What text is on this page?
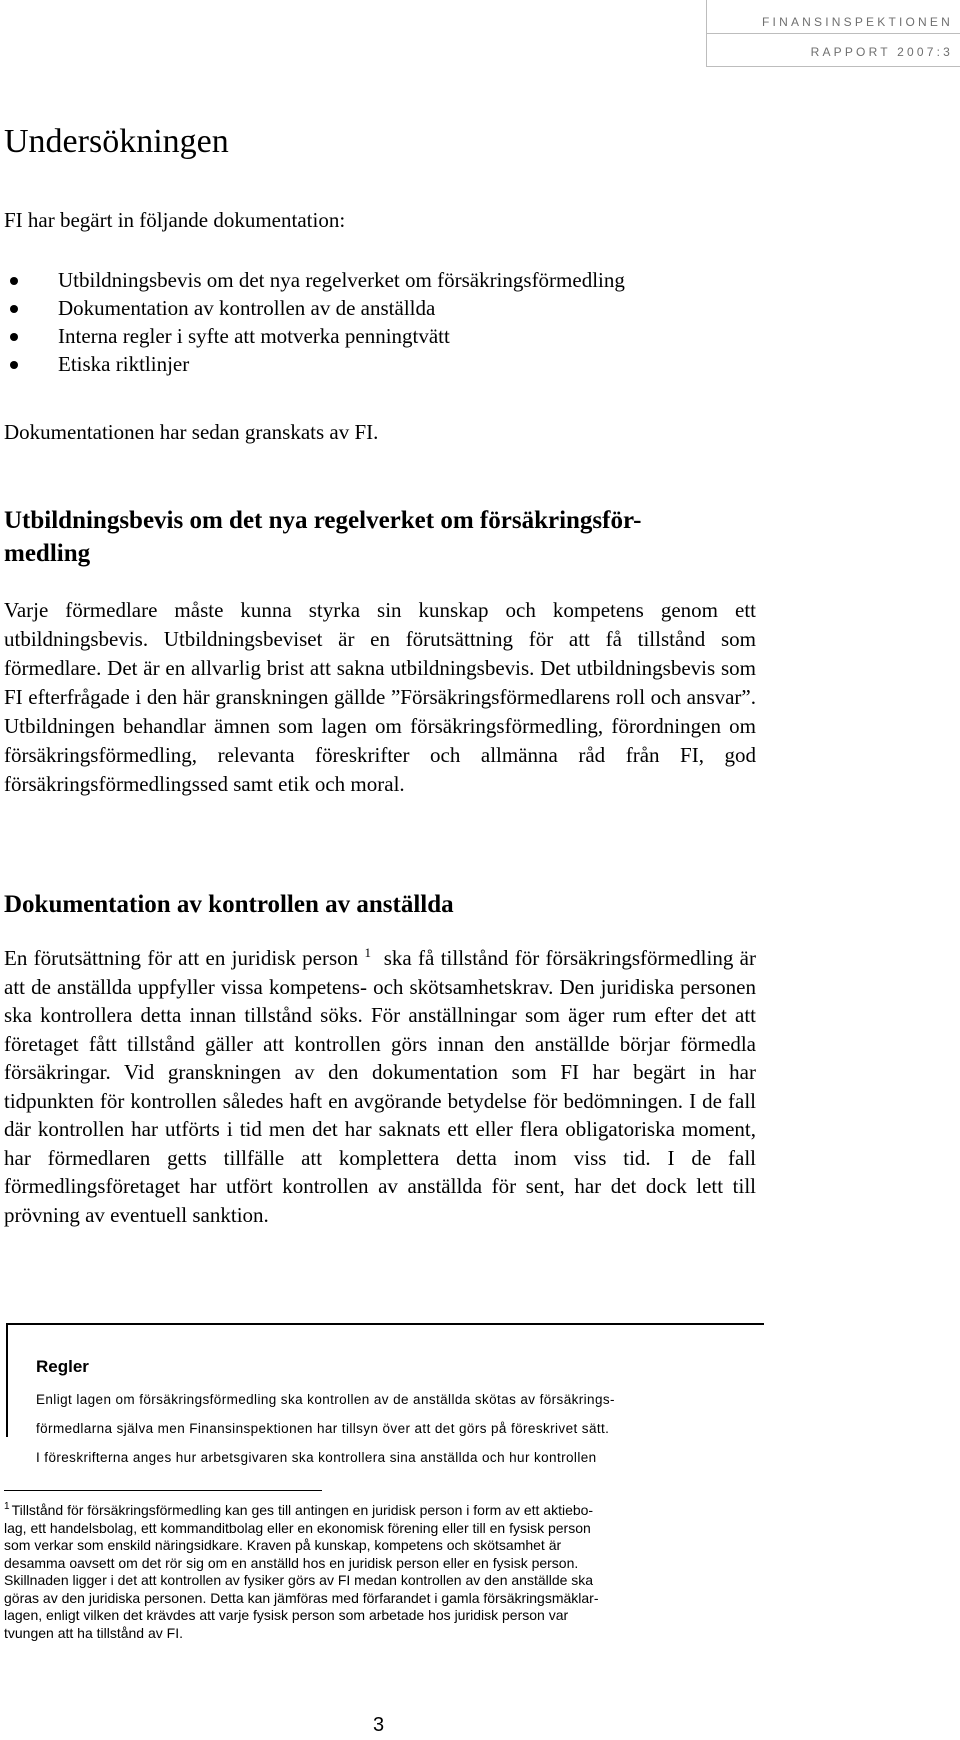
FINANSINSPEKTIONEN
RAPPORT 2007:3
Undersökningen

FI har begärt in följande dokumentation:

Utbildningsbevis om det nya regelverket om försäkringsförmedling
Dokumentation av kontrollen av de anställda
Interna regler i syfte att motverka penningtvätt
Etiska riktlinjer

Dokumentationen har sedan granskats av FI.

Utbildningsbevis om det nya regelverket om försäkringsför-
medling

Varje förmedlare måste kunna styrka sin kunskap och kompetens genom ett utbildningsbevis. Utbildningsbeviset är en förutsättning för att få tillstånd som förmedlare. Det är en allvarlig brist att sakna utbildningsbevis. Det utbildningsbevis som FI efterfrågade i den här granskningen gällde ”Försäkringsförmedlarens roll och ansvar”. Utbildningen behandlar ämnen som lagen om försäkringsförmedling, förordningen om försäkringsförmedling, relevanta föreskrifter och allmänna råd från FI, god försäkringsförmedlingssed samt etik och moral.

Dokumentation av kontrollen av anställda

En förutsättning för att en juridisk person $^1$ ska få tillstånd för försäkringsförmedling är att de anställda uppfyller vissa kompetens- och skötsamhetskrav. Den juridiska personen ska kontrollera detta innan tillstånd söks. För anställningar som äger rum efter det att företaget fått tillstånd gäller att kontrollen görs innan den anställde börjar förmedla försäkringar. Vid granskningen av den dokumentation som FI har begärt in har tidpunkten för kontrollen således haft en avgörande betydelse för bedömningen. I de fall där kontrollen har utförts i tid men det har saknats ett eller flera obligatoriska moment, har förmedlaren getts tillfälle att komplettera detta inom viss tid. I de fall förmedlingsföretaget har utfört kontrollen av anställda för sent, har det dock lett till prövning av eventuell sanktion.

Regler

Enligt lagen om försäkringsförmedling ska kontrollen av de anställda skötas av försäkrings-
förmedlarna själva men Finansinspektionen har tillsyn över att det görs på föreskrivet sätt.
I föreskrifterna anges hur arbetsgivaren ska kontrollera sina anställda och hur kontrollen

$^1$ Tillstånd för försäkringsförmedling kan ges till antingen en juridisk person i form av ett aktiebo-
lag, ett handelsbolag, ett kommanditbolag eller en ekonomisk förening eller till en fysisk person
som verkar som enskild näringsidkare. Kraven på kunskap, kompetens och skötsamhet är
desamma oavsett om det rör sig om en anställd hos en juridisk person eller en fysisk person.
Skillnaden ligger i det att kontrollen av fysiker görs av FI medan kontrollen av den anställde ska
göras av den juridiska personen. Detta kan jämföras med förfarandet i gamla försäkringsmäklar-
lagen, enligt vilken det krävdes att varje fysisk person som arbetade hos juridisk person var
tvungen att ha tillstånd av FI.

3
